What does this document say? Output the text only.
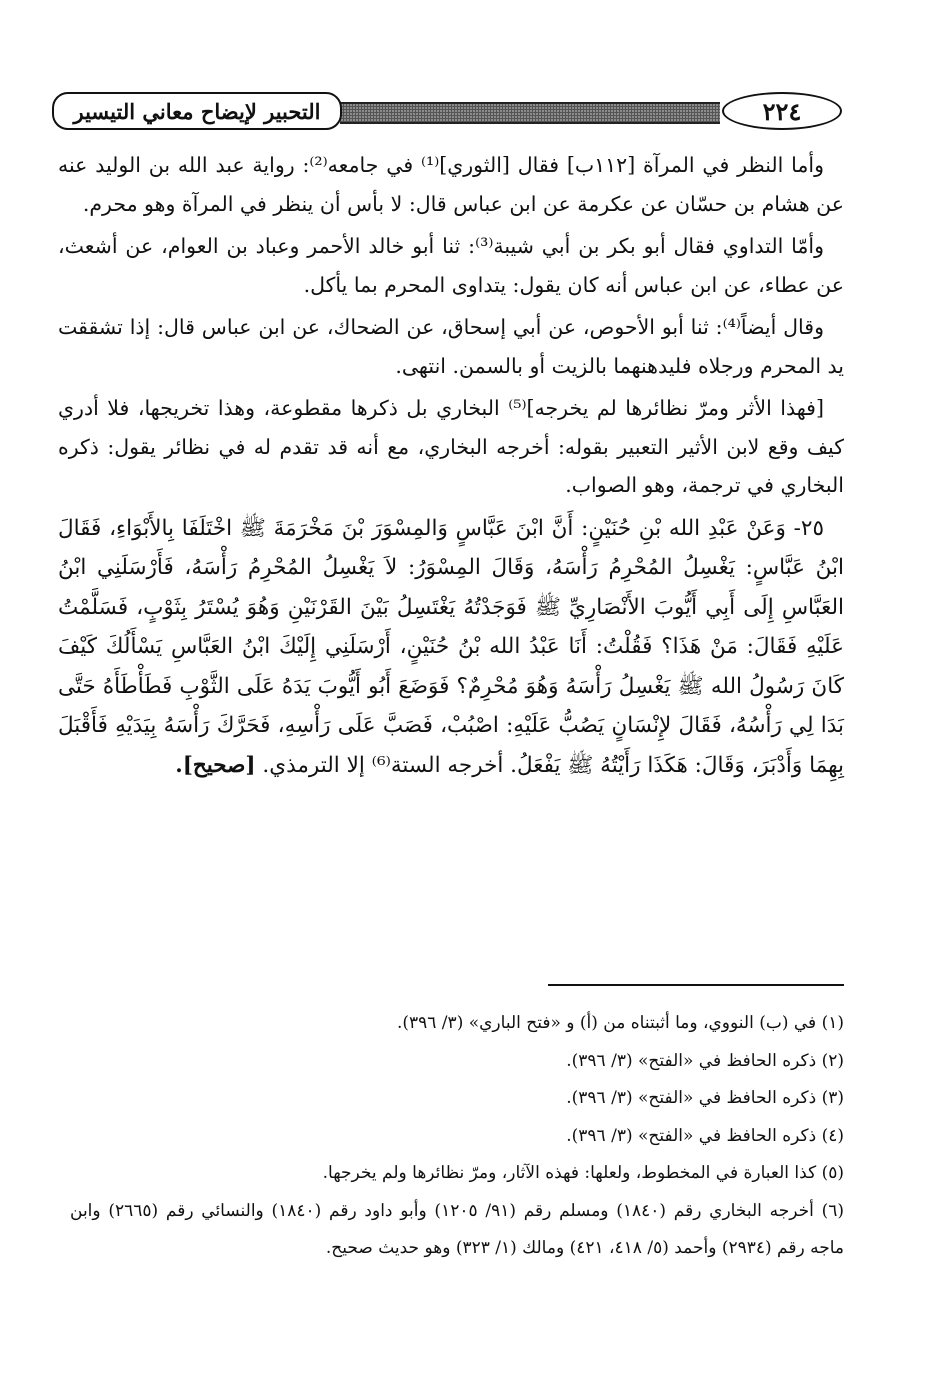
التحبير لإيضاح معاني التيسير	٢٢٤

وأما النظر في المرآة [١١٢ب] فقال [الثوري]⁽¹⁾ في جامعه⁽²⁾: رواية عبد الله بن الوليد عنه عن هشام بن حسّان عن عكرمة عن ابن عباس قال: لا بأس أن ينظر في المرآة وهو محرم.

وأمّا التداوي فقال أبو بكر بن أبي شيبة⁽³⁾: ثنا أبو خالد الأحمر وعباد بن العوام، عن أشعث، عن عطاء، عن ابن عباس أنه كان يقول: يتداوى المحرم بما يأكل.

وقال أيضاً⁽⁴⁾: ثنا أبو الأحوص، عن أبي إسحاق، عن الضحاك، عن ابن عباس قال: إذا تشققت يد المحرم ورجلاه فليدهنهما بالزيت أو بالسمن. انتهى.

[فهذا الأثر ومرّ نظائرها لم يخرجه]⁽⁵⁾ البخاري بل ذكرها مقطوعة، وهذا تخريجها، فلا أدري كيف وقع لابن الأثير التعبير بقوله: أخرجه البخاري، مع أنه قد تقدم له في نظائر يقول: ذكره البخاري في ترجمة، وهو الصواب.

٢٥- وَعَنْ عَبْدِ الله بْنِ حُنَيْنٍ: أَنَّ ابْنَ عَبَّاسٍ وَالمِسْوَرَ بْنَ مَخْرَمَةَ ﷺ اخْتَلَفَا بِالأَبْوَاءِ، فَقَالَ ابْنُ عَبَّاسٍ: يَغْسِلُ المُحْرِمُ رَأْسَهُ، وَقَالَ المِسْوَرُ: لاَ يَغْسِلُ المُحْرِمُ رَأْسَهُ، فَأَرْسَلَنِي ابْنُ العَبَّاسِ إِلَى أَبِي أَيُّوبَ الأَنْصَارِيِّ ﷺ فَوَجَدْتُهُ يَغْتَسِلُ بَيْنَ القَرْنَيْنِ وَهُوَ يُسْتَرُ بِثَوْبٍ، فَسَلَّمْتُ عَلَيْهِ فَقَالَ: مَنْ هَذَا؟ فَقُلْتُ: أَنَا عَبْدُ الله بْنُ حُنَيْنٍ، أَرْسَلَنِي إِلَيْكَ ابْنُ العَبَّاسِ يَسْأَلُكَ كَيْفَ كَانَ رَسُولُ الله ﷺ يَغْسِلُ رَأْسَهُ وَهُوَ مُحْرِمٌ؟ فَوَضَعَ أَبُو أَيُّوبَ يَدَهُ عَلَى الثَّوْبِ فَطَأْطَأَهُ حَتَّى بَدَا لِي رَأْسُهُ، فَقَالَ لإِنْسَانٍ يَصُبُّ عَلَيْهِ: اصْبُبْ، فَصَبَّ عَلَى رَأْسِهِ، فَحَرَّكَ رَأْسَهُ بِيَدَيْهِ فَأَقْبَلَ بِهِمَا وَأَدْبَرَ، وَقَالَ: هَكَذَا رَأَيْتُهُ ﷺ يَفْعَلُ. أخرجه الستة⁽⁶⁾ إلا الترمذي. [صحيح].

(١) في (ب) النووي، وما أثبتناه من (أ) و «فتح الباري» (٣/ ٣٩٦).

(٢) ذكره الحافظ في «الفتح» (٣/ ٣٩٦).

(٣) ذكره الحافظ في «الفتح» (٣/ ٣٩٦).

(٤) ذكره الحافظ في «الفتح» (٣/ ٣٩٦).

(٥) كذا العبارة في المخطوط، ولعلها: فهذه الآثار، ومرّ نظائرها ولم يخرجها.

(٦) أخرجه البخاري رقم (١٨٤٠) ومسلم رقم (٩١/ ١٢٠٥) وأبو داود رقم (١٨٤٠) والنسائي رقم (٢٦٦٥) وابن ماجه رقم (٢٩٣٤) وأحمد (٥/ ٤١٨، ٤٢١) ومالك (١/ ٣٢٣) وهو حديث صحيح.
